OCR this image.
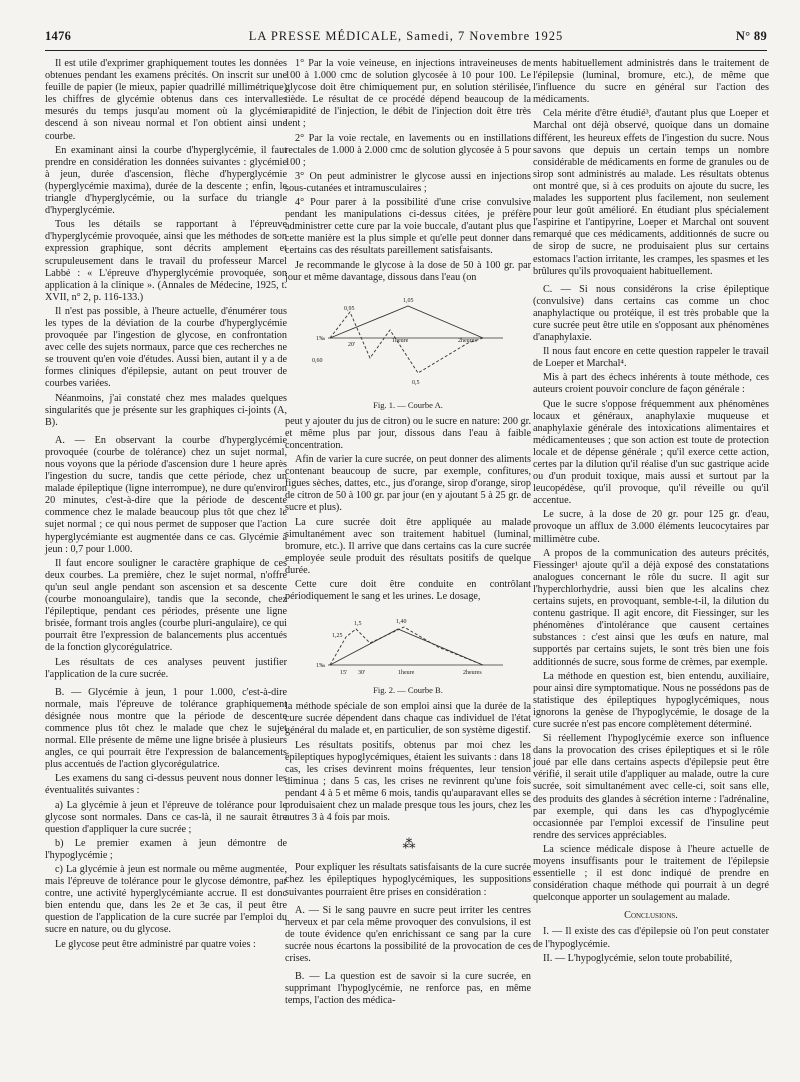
1476	LA PRESSE MÉDICALE, Samedi, 7 Novembre 1925	N° 89

Il est utile d'exprimer graphiquement toutes les données obtenues pendant les examens précités. On inscrit sur une feuille de papier (le mieux, papier quadrillé millimétrique) les chiffres de glycémie obtenus dans ces intervalles mesurés du temps jusqu'au moment où la glycémie descend à son niveau normal et l'on obtient ainsi une courbe.

En examinant ainsi la courbe d'hyperglycémie, il faut prendre en considération les données suivantes : glycémie à jeun, durée d'ascension, flèche d'hyperglycémie (hyperglycémie maxima), durée de la descente ; enfin, le triangle d'hyperglycémie, ou la surface du triangle d'hyperglycémie.

Tous les détails se rapportant à l'épreuve d'hyperglycémie provoquée, ainsi que les méthodes de son expression graphique, sont décrits amplement et scrupuleusement dans le travail du professeur Marcel Labbé : « L'épreuve d'hyperglycémie provoquée, son application à la clinique ». (Annales de Médecine, 1925, t. XVII, n° 2, p. 116-133.)

Il n'est pas possible, à l'heure actuelle, d'énumérer tous les types de la déviation de la courbe d'hyperglycémie provoquée par l'ingestion de glycose, en confrontation avec celle des sujets normaux, parce que ces recherches ne se trouvent qu'en voie d'études. Aussi bien, autant il y a de formes cliniques d'épilepsie, autant on peut trouver de courbes variées.

Néanmoins, j'ai constaté chez mes malades quelques singularités que je présente sur les graphiques ci-joints (A, B).

A. — En observant la courbe d'hyperglycémie provoquée (courbe de tolérance) chez un sujet normal, nous voyons que la période d'ascension dure 1 heure après l'ingestion du sucre, tandis que cette période, chez un malade épileptique (ligne interrompue), ne dure qu'environ 20 minutes, c'est-à-dire que la période de descente commence chez le malade beaucoup plus tôt que chez le sujet normal ; ce qui nous permet de supposer que l'action hyperglycémiante est augmentée dans ce cas. Glycémie à jeun : 0,7 pour 1.000.

Il faut encore souligner le caractère graphique de ces deux courbes. La première, chez le sujet normal, n'offre qu'un seul angle pendant son ascension et sa descente (courbe monoangulaire), tandis que la seconde, chez l'épileptique, pendant ces périodes, présente une ligne brisée, formant trois angles (courbe pluri-angulaire), ce qui pourrait être l'expression de balancements plus accentués de la fonction glycorégulatrice.

Les résultats de ces analyses peuvent justifier l'application de la cure sucrée.

B. — Glycémie à jeun, 1 pour 1.000, c'est-à-dire normale, mais l'épreuve de tolérance graphiquement désignée nous montre que la période de descente commence plus tôt chez le malade que chez le sujet normal. Elle présente de même une ligne brisée à plusieurs angles, ce qui pourrait être l'expression de balancements plus accentués de l'action glycorégulatrice.

Les examens du sang ci-dessus peuvent nous donner les éventualités suivantes :

a) La glycémie à jeun et l'épreuve de tolérance pour le glycose sont normales. Dans ce cas-là, il ne saurait être question d'appliquer la cure sucrée ;

b) Le premier examen à jeun démontre de l'hypoglycémie ;

c) La glycémie à jeun est normale ou même augmentée, mais l'épreuve de tolérance pour le glycose démontre, par contre, une activité hyperglycémiante accrue. Il est donc bien entendu que, dans les 2e et 3e cas, il peut être question de l'application de la cure sucrée par l'emploi du sucre en nature, ou du glycose.

Le glycose peut être administré par quatre voies :

1° Par la voie veineuse, en injections intraveineuses de 100 à 1.000 cmc de solution glycosée à 10 pour 100. Le glycose doit être chimiquement pur, en solution stérilisée, tiède. Le résultat de ce procédé dépend beaucoup de la rapidité de l'injection, le débit de l'injection doit être très lent ;

2° Par la voie rectale, en lavements ou en instillations rectales de 1.000 à 2.000 cmc de solution glycosée à 5 pour 100 ;

3° On peut administrer le glycose aussi en injections sous-cutanées et intramusculaires ;

4° Pour parer à la possibilité d'une crise convulsive pendant les manipulations ci-dessus citées, je préfère administrer cette cure par la voie buccale, d'autant plus que cette manière est la plus simple et qu'elle peut donner dans certains cas des résultats pareillement satisfaisants.

Je recommande le glycose à la dose de 50 à 100 gr. par jour et même davantage, dissous dans l'eau (on

1,05
0,95
1heure	2heures
20'
0,60
0,5
1‰
Fig. 1. — Courbe A.

peut y ajouter du jus de citron) ou le sucre en nature: 200 gr. et même plus par jour, dissous dans l'eau à faible concentration.

Afin de varier la cure sucrée, on peut donner des aliments contenant beaucoup de sucre, par exemple, confitures, figues sèches, dattes, etc., jus d'orange, sirop d'orange, sirop de citron de 50 à 100 gr. par jour (en y ajoutant 5 à 25 gr. de sucre et plus).

La cure sucrée doit être appliquée au malade simultanément avec son traitement habituel (luminal, bromure, etc.). Il arrive que dans certains cas la cure sucrée employée seule produit des résultats positifs de quelque durée.

Cette cure doit être conduite en contrôlant périodiquement le sang et les urines. Le dosage,

1,25
1,5	1,40
1‰
15' 30'	1heure	2heures
Fig. 2. — Courbe B.

la méthode spéciale de son emploi ainsi que la durée de la cure sucrée dépendent dans chaque cas individuel de l'état général du malade et, en particulier, de son système digestif.

Les résultats positifs, obtenus par moi chez les épileptiques hypoglycémiques, étaient les suivants : dans 18 cas, les crises devinrent moins fréquentes, leur tension diminua ; dans 5 cas, les crises ne revinrent qu'une fois pendant 4 à 5 et même 6 mois, tandis qu'auparavant elles se produisaient chez un malade presque tous les jours, chez les autres 3 à 4 fois par mois.

⁂

Pour expliquer les résultats satisfaisants de la cure sucrée chez les épileptiques hypoglycémiques, les suppositions suivantes pourraient être prises en considération :

A. — Si le sang pauvre en sucre peut irriter les centres nerveux et par cela même provoquer des convulsions, il est de toute évidence qu'en enrichissant ce sang par la cure sucrée nous écartons la possibilité de la provocation de ces crises.

B. — La question est de savoir si la cure sucrée, en supprimant l'hypoglycémie, ne renforce pas, en même temps, l'action des médica-

ments habituellement administrés dans le traitement de l'épilepsie (luminal, bromure, etc.), de même que l'influence du sucre en général sur l'action des médicaments.

Cela mérite d'être étudié³, d'autant plus que Loeper et Marchal ont déjà observé, quoique dans un domaine différent, les heureux effets de l'ingestion du sucre. Nous savons que depuis un certain temps un nombre considérable de médicaments en forme de granules ou de sirop sont administrés au malade. Les résultats obtenus ont montré que, si à ces produits on ajoute du sucre, les malades les supportent plus facilement, non seulement pour leur goût amélioré. En étudiant plus spécialement l'aspirine et l'antipyrine, Loeper et Marchal ont souvent remarqué que ces médicaments, additionnés de sucre ou de sirop de sucre, ne produisaient plus sur certains estomacs l'action irritante, les crampes, les spasmes et les brûlures qu'ils provoquaient habituellement.

C. — Si nous considérons la crise épileptique (convulsive) dans certains cas comme un choc anaphylactique ou protéique, il est très probable que la cure sucrée peut être utile en s'opposant aux phénomènes d'anaphylaxie.

Il nous faut encore en cette question rappeler le travail de Loeper et Marchal⁴.

Mis à part des échecs inhérents à toute méthode, ces auteurs croient pouvoir conclure de façon générale :

Que le sucre s'oppose fréquemment aux phénomènes locaux et généraux, anaphylaxie muqueuse et anaphylaxie générale des intoxications alimentaires et médicamenteuses ; que son action est toute de protection locale et de dépense générale ; qu'il exerce cette action, certes par la dilution qu'il réalise d'un suc gastrique acide ou d'un produit toxique, mais aussi et surtout par la leucopédèse, qu'il provoque, qu'il réveille ou qu'il accentue.

Le sucre, à la dose de 20 gr. pour 125 gr. d'eau, provoque un afflux de 3.000 éléments leucocytaires par millimètre cube.

A propos de la communication des auteurs précités, Fiessinger¹ ajoute qu'il a déjà exposé des constatations analogues concernant le rôle du sucre. Il agit sur l'hyperchlorhydrie, aussi bien que les alcalins chez certains sujets, en provoquant, semble-t-il, la dilution du contenu gastrique. Il agit encore, dit Fiessinger, sur les phénomènes d'intolérance que causent certaines substances : c'est ainsi que les œufs en nature, mal supportés par certains sujets, le sont très bien une fois additionnés de sucre, sous forme de crèmes, par exemple.

La méthode en question est, bien entendu, auxiliaire, pour ainsi dire symptomatique. Nous ne possédons pas de statistique des épileptiques hypoglycémiques, nous ignorons la genèse de l'hypoglycémie, le dosage de la cure sucrée n'est pas encore complètement déterminé.

Si réellement l'hypoglycémie exerce son influence dans la provocation des crises épileptiques et si le rôle joué par elle dans certains aspects d'épilepsie peut être vérifié, il serait utile d'appliquer au malade, outre la cure sucrée, soit simultanément avec celle-ci, soit sans elle, des produits des glandes à sécrétion interne : l'adrénaline, par exemple, qui dans les cas d'hypoglycémie occasionnée par l'emploi excessif de l'insuline peut rendre des services appréciables.

La science médicale dispose à l'heure actuelle de moyens insuffisants pour le traitement de l'épilepsie essentielle ; il est donc indiqué de prendre en considération chaque méthode qui pourrait à un degré quelconque apporter un soulagement au malade.

Conclusions.

I. — Il existe des cas d'épilepsie où l'on peut constater de l'hypoglycémie.

II. — L'hypoglycémie, selon toute probabilité,
